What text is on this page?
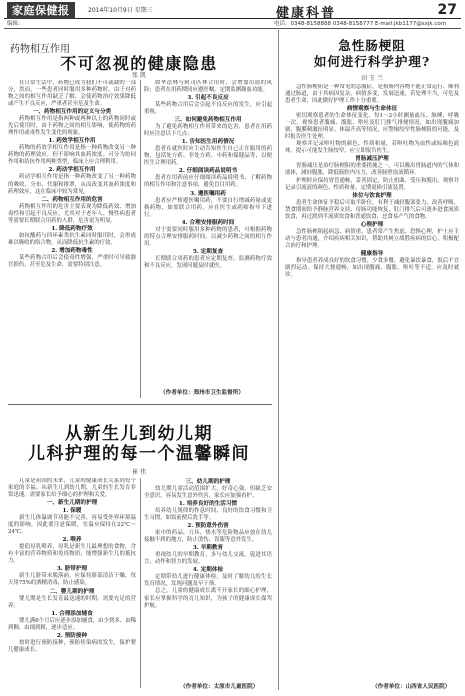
家庭保健报	2014年10月9日 星期三	健康科普	27
编辑：	电话：0348-8158888 0348-8158777 E-mail:jkb1177@sxjk.com
药物相互作用
不可忽视的健康隐患
张 凯

在日常生活中，药物已成为我们不可或缺的一部分，然而，一些患者同时服用多种药物时，由于对药物之间的相互作用缺乏了解，会使药物治疗效果降低或产生不良反应，严重者甚至危及生命。

一、药物相互作用的定义与分类

药物相互作用是指两种或两种以上的药物同时或先后使用时，由于药物之间的相互影响，使药物的药理作用或毒性发生变化的现象。

1. 药效学相互作用

药物的药效学相互作用是指一种药物改变另一种药物的药理效应，但不影响其血药浓度。可分为协同作用和拮抗作用两种类型，临床上应合理利用。

2. 药动学相互作用

药动学相互作用是指一种药物改变了另一种药物的吸收、分布、代谢和排泄，从而改变其血药浓度和药理效应，这在临床中较为常见。

二、药物相互作用的危害

药物相互作用的危害主要表现为降低药效、增加毒性和引起不良反应，尤其对于老年人、慢性病患者等需要长期联合用药的人群，危害更为明显。

1. 降低药物疗效

如抗酸药与四环素类抗生素同时服用时，会形成难以吸收的络合物，从而降低抗生素的疗效。

2. 增加药物毒性

某些药物合用后会使毒性增强，严重时可导致器官损伤，甚至危及生命，需要特别注意。

如华法林与阿司匹林合用时，会增加出血的风险；患者在用药期间应遵医嘱，定期监测凝血功能。

3. 引起不良反应

某些药物合用后会引起不良反应的发生，应引起重视。

三、如何避免药物相互作用

为了避免药物相互作用带来的危害，患者在用药时应注意以下几点：

1. 告知医生用药情况

患者在就医时应主动告知医生自己正在服用的药物，包括处方药、非处方药、中药和保健品等，以便医生合理用药。

2. 仔细阅读药品说明书

患者在用药前应仔细阅读药品说明书，了解药物的相互作用和注意事项，避免盲目用药。

3. 遵医嘱用药

患者应严格遵医嘱用药，不要自行增减药量或更换药物，如需联合用药，应在医生或药师指导下进行。

4. 合理安排服药时间

对于需要同时服用多种药物的患者，可根据药物的特点合理安排服药时间，以减少药物之间的相互作用。

5. 定期复查

长期联合用药的患者应定期复查，监测药物疗效和不良反应，发现问题及时就医。

（作者单位：郑州市卫生监督所）
从新生儿到幼儿期
儿科护理的每一个温馨瞬间
崔 伟

儿童是祖国的未来，儿童的健康成长关系到每个家庭的幸福。从新生儿到幼儿期，儿童的生长发育非常迅速，需要家长给予细心的护理和关爱。

一、新生儿期的护理

1. 保暖

新生儿体温调节功能不完善，容易受外界环境温度的影响，因此要注意保暖，室温应保持在22℃～24℃。

2. 喂养

提倡母乳喂养，母乳是新生儿最理想的食物，含有丰富的营养物质和免疫物质，能增强新生儿的抵抗力。

3. 脐带护理

新生儿脐带未脱落前，应保持脐部清洁干燥，每天用75%的酒精消毒，防止感染。

二、婴儿期的护理

婴儿期是生长发育最迅速的时期，需要充足的营养。

1. 合理添加辅食

婴儿满6个月后应逐步添加辅食，由少到多、由稀到稠、由细到粗，逐步适应。

2. 预防接种

按时进行预防接种，预防传染病的发生，保护婴儿健康成长。

三、幼儿期的护理

幼儿期儿童活动范围扩大，好奇心强，但缺乏安全意识，容易发生意外伤害，家长应加强看护。

1. 培养良好的生活习惯

培养幼儿规律的作息时间、良好的饮食习惯和卫生习惯，如饭前便后洗手等。

2. 预防意外伤害

家中的药品、刀具、热水等危险物品应放在幼儿接触不到的地方，防止烫伤、误服等意外发生。

3. 早期教育

重视幼儿的早期教育，多与幼儿交流，促进其语言、动作和智力的发展。

4. 定期体检

定期带幼儿进行健康体检，及时了解幼儿的生长发育情况，发现问题及早干预。

总之，儿童的健康成长离不开家长的细心护理，家长应掌握科学的育儿知识，为孩子的健康成长保驾护航。

（作者单位：太原市儿童医院）
急性肠梗阻
如何进行科学护理?
田 玉 兰

急性肠梗阻是一种常见的急腹症，是指肠内容物不能正常运行、顺利通过肠道，由于其病因复杂，病情多变，发展迅速，若处理不当，可危及患者生命，因此做好护理工作十分重要。

病情观察与生命体征

密切观察患者的生命体征变化，每1～2小时测量血压、脉搏、呼吸一次，观察患者腹痛、腹胀、呕吐及肛门排气排便情况，如出现腹痛加剧、腹膜刺激征明显、体温升高等情况，应警惕绞窄性肠梗阻的可能，及时报告医生处理。

观察并记录呕吐物的颜色、性质和量，若呕吐物为血性或棕褐色液体，提示可能发生肠绞窄，应立即报告医生。

胃肠减压护理

胃肠减压是治疗肠梗阻的重要措施之一，可以吸出胃肠道内的气体和液体，减轻腹胀，降低肠腔内压力，改善肠壁血液循环。

护理时应保持胃管通畅，妥善固定，防止扭曲、受压和脱出，观察并记录引流液的颜色、性质和量，定期更换引流装置。

体位与饮食护理

患者生命体征平稳后可取半卧位，有利于减轻腹部张力，改善呼吸。禁食期间给予静脉营养支持，待肠功能恢复、肛门排气后可逐步进食流质饮食，再过渡到半流质饮食和普通饮食，忌食易产气的食物。

心理护理

急性肠梗阻起病急、病情重，患者常产生焦虑、恐惧心理，护士应主动与患者沟通，介绍疾病相关知识，帮助其树立战胜疾病的信心，积极配合治疗和护理。

健康指导

指导患者养成良好的饮食习惯，少食多餐，避免暴饮暴食，饭后不宜剧烈运动。保持大便通畅，如出现腹痛、腹胀、呕吐等不适，应及时就诊。

（作者单位：山西省人民医院）
